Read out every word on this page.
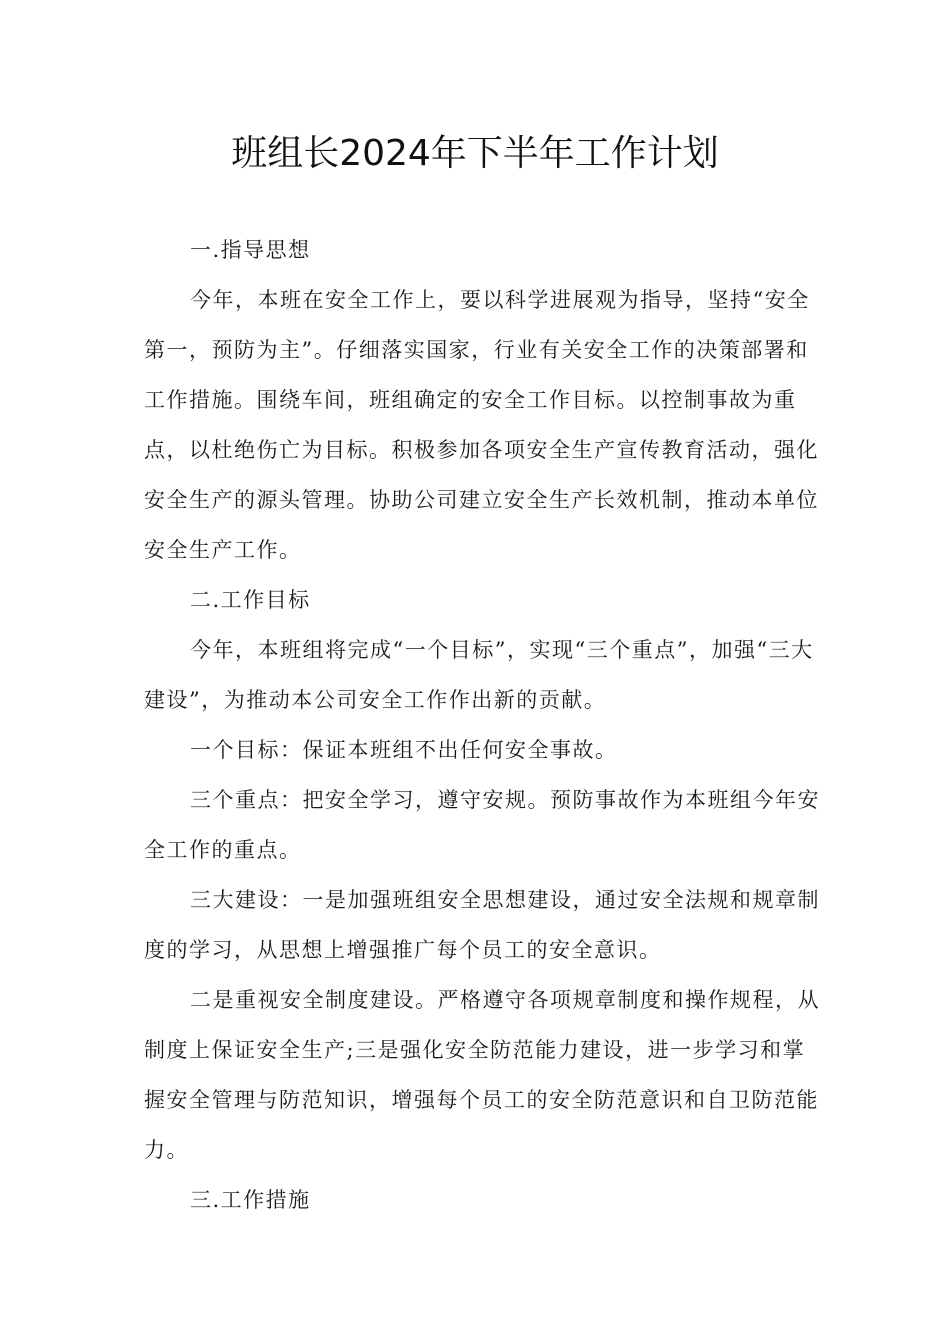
班组长2024年下半年工作计划

一.指导思想

今年，本班在安全工作上，要以科学进展观为指导，坚持“安全第一，预防为主”。仔细落实国家，行业有关安全工作的决策部署和工作措施。围绕车间，班组确定的安全工作目标。以控制事故为重点，以杜绝伤亡为目标。积极参加各项安全生产宣传教育活动，强化安全生产的源头管理。协助公司建立安全生产长效机制，推动本单位安全生产工作。

二.工作目标

今年，本班组将完成“一个目标”，实现“三个重点”，加强“三大建设”，为推动本公司安全工作作出新的贡献。

一个目标：保证本班组不出任何安全事故。

三个重点：把安全学习，遵守安规。预防事故作为本班组今年安全工作的重点。

三大建设：一是加强班组安全思想建设，通过安全法规和规章制度的学习，从思想上增强推广每个员工的安全意识。

二是重视安全制度建设。严格遵守各项规章制度和操作规程，从制度上保证安全生产;三是强化安全防范能力建设，进一步学习和掌握安全管理与防范知识，增强每个员工的安全防范意识和自卫防范能力。

三.工作措施
